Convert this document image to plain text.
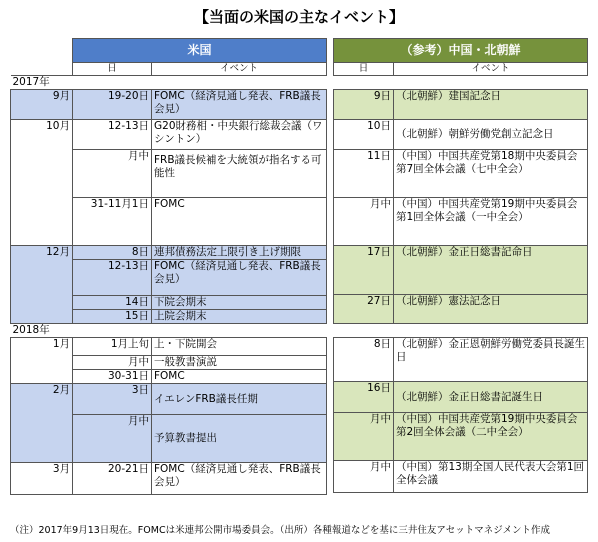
【当面の米国の主なイベント】
	米国	
	日	イベント
2017年		
9月	19-20日	FOMC（経済見通し発表、FRB議長会見）
10月	12-13日	G20財務相・中央銀行総裁会議（ワシントン）
	月中	FRB議長候補を大統領が指名する可能性
	31-11月1日	FOMC
12月	8日	連邦債務法定上限引き上げ期限
	12-13日	FOMC（経済見通し発表、FRB議長会見）
	14日	下院会期末
	15日	上院会期末
2018年		
1月	1月上旬	上・下院開会
	月中	一般教書演説
	30-31日	FOMC
2月	3日	イエレンFRB議長任期
	月中	予算教書提出
3月	20-21日	FOMC（経済見通し発表、FRB議長会見）
（参考）中国・北朝鮮	
日	イベント

9日	（北朝鮮）建国記念日
10日	（北朝鮮）朝鮮労働党創立記念日
11日	（中国）中国共産党第18期中央委員会第7回全体会議（七中全会）
月中	（中国）中国共産党第19期中央委員会第1回全体会議（一中全会）
17日	（北朝鮮）金正日総書記命日
27日	（北朝鮮）憲法記念日

8日	（北朝鮮）金正恩朝鮮労働党委員長誕生日
16日	（北朝鮮）金正日総書記誕生日
月中	（中国）中国共産党第19期中央委員会第2回全体会議（二中全会）
月中	（中国）第13期全国人民代表大会第1回全体会議
（注）2017年9月13日現在。FOMCは米連邦公開市場委員会。（出所）各種報道などを基に三井住友アセットマネジメント作成
